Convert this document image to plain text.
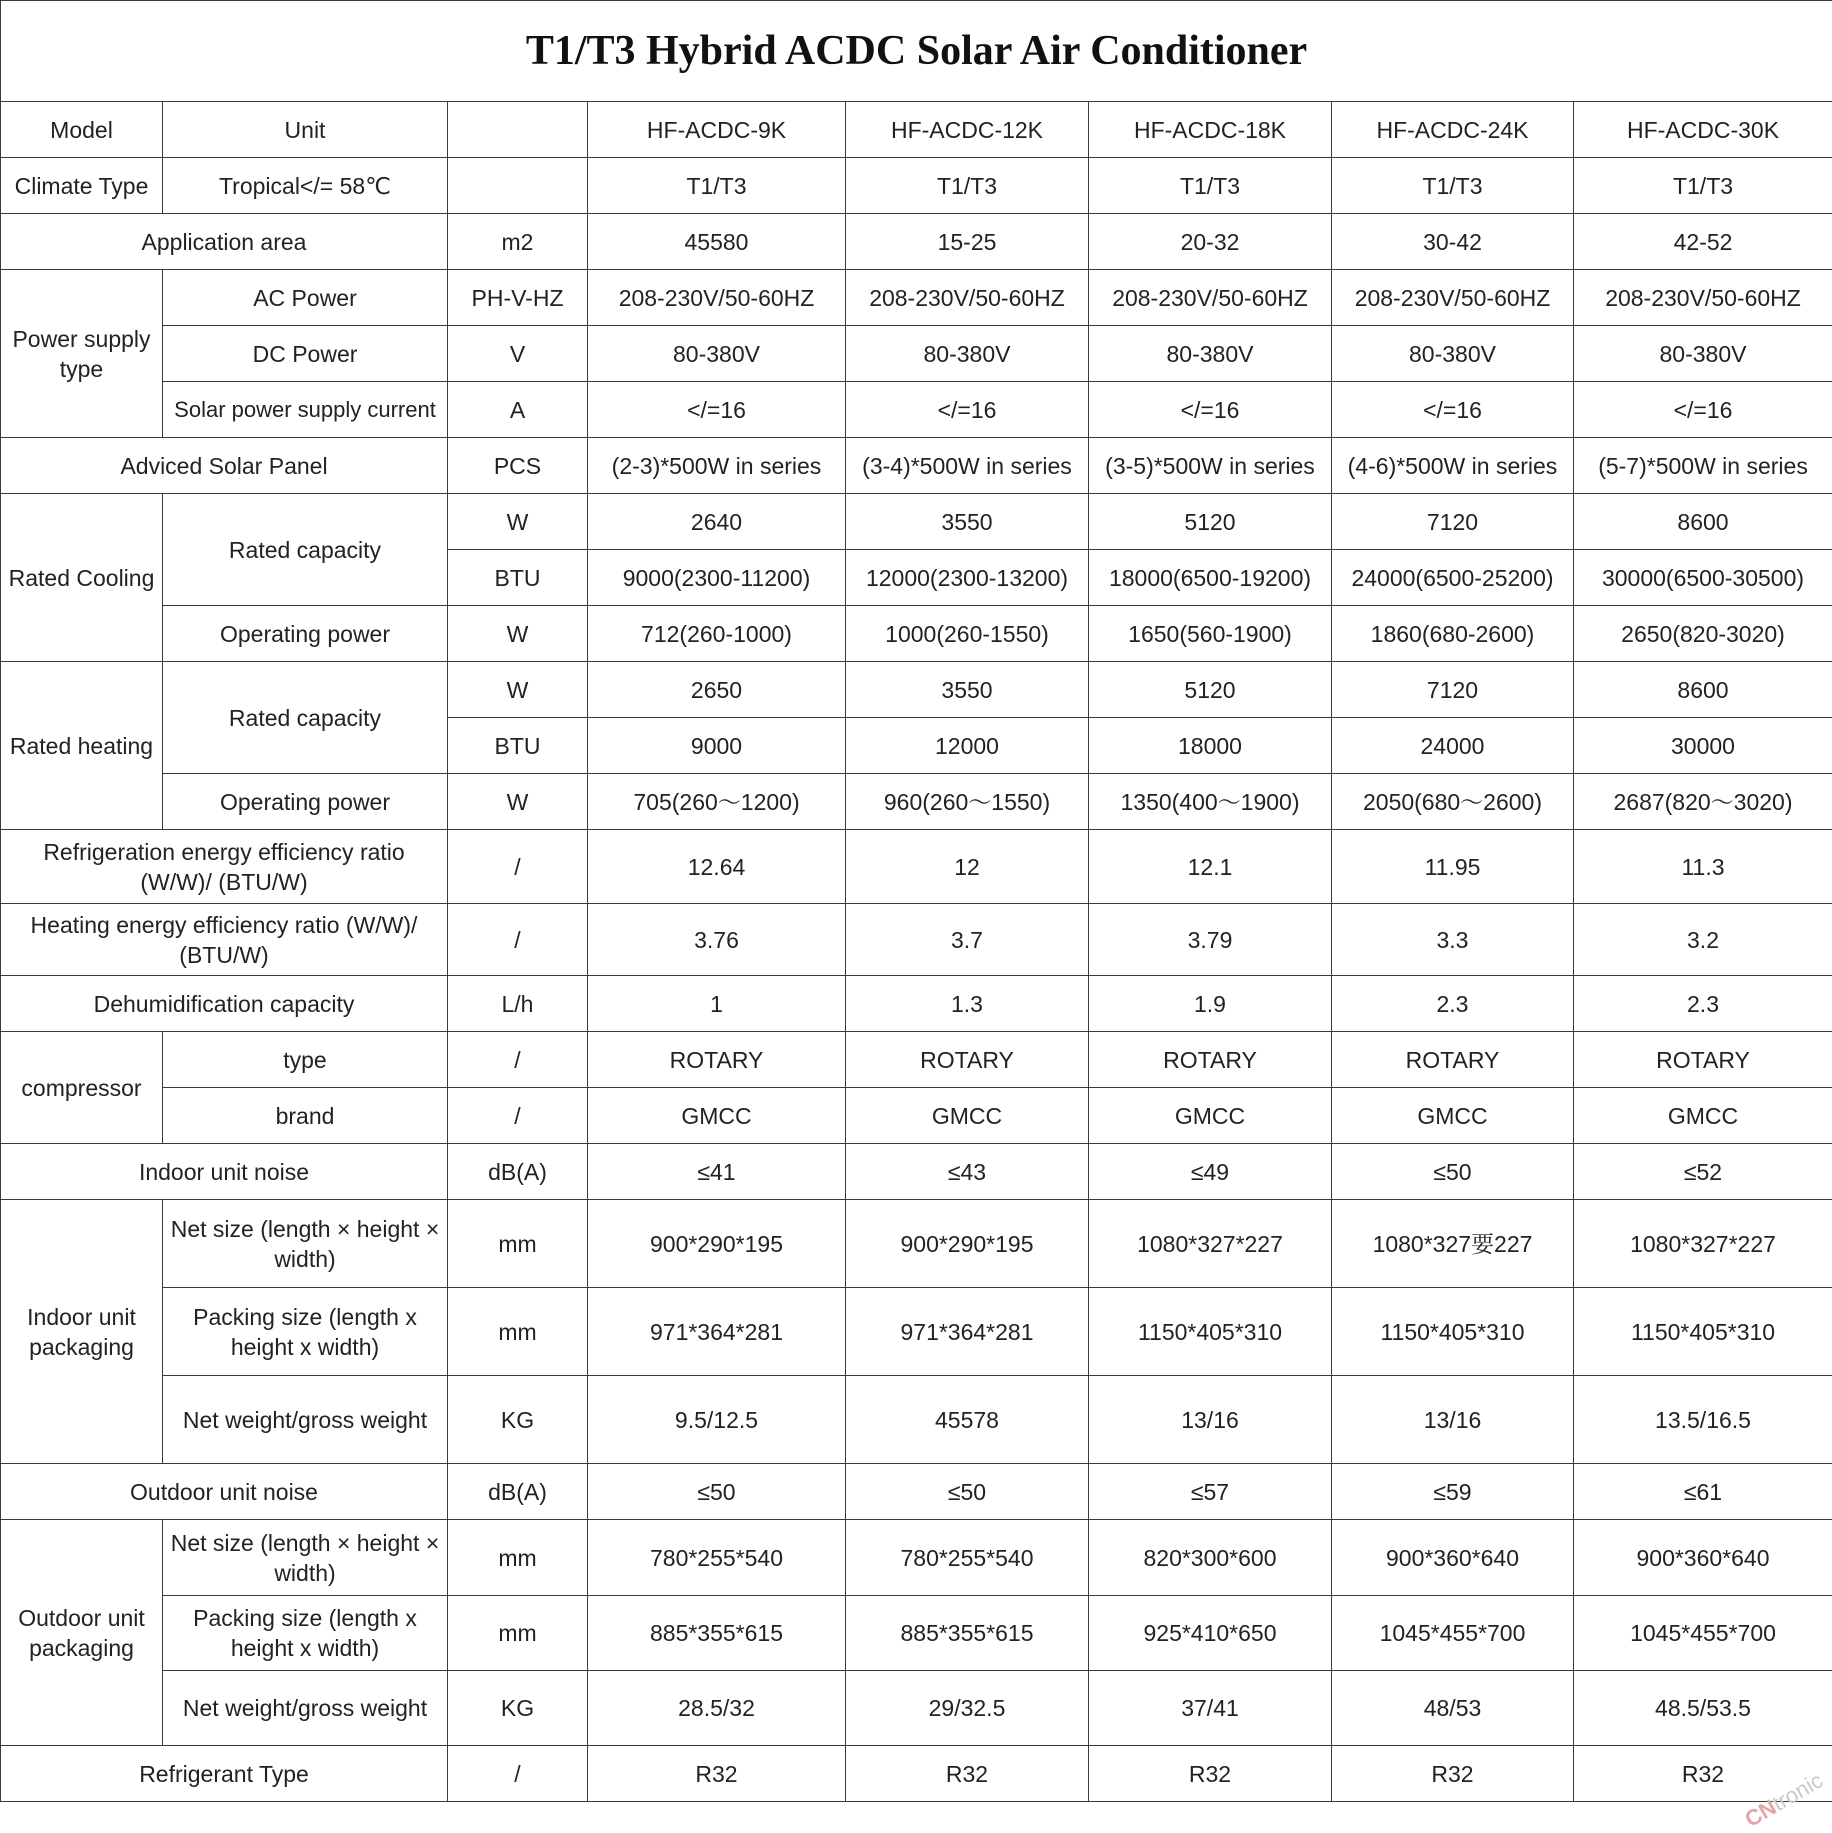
T1/T3 Hybrid ACDC Solar Air Conditioner							
Model	Unit		HF-ACDC-9K	HF-ACDC-12K	HF-ACDC-18K	HF-ACDC-24K	HF-ACDC-30K
Climate Type	Tropical</= 58℃		T1/T3	T1/T3	T1/T3	T1/T3	T1/T3
Application area		m2	45580	15-25	20-32	30-42	42-52
Power supply type	AC Power	PH-V-HZ	208-230V/50-60HZ	208-230V/50-60HZ	208-230V/50-60HZ	208-230V/50-60HZ	208-230V/50-60HZ
	DC Power	V	80-380V	80-380V	80-380V	80-380V	80-380V
	Solar power supply current	A	</=16	</=16	</=16	</=16	</=16
Adviced Solar Panel		PCS	(2-3)*500W in series	(3-4)*500W in series	(3-5)*500W in series	(4-6)*500W in series	(5-7)*500W in series
Rated Cooling	Rated capacity	W	2640	3550	5120	7120	8600
		BTU	9000(2300-11200)	12000(2300-13200)	18000(6500-19200)	24000(6500-25200)	30000(6500-30500)
	Operating power	W	712(260-1000)	1000(260-1550)	1650(560-1900)	1860(680-2600)	2650(820-3020)
Rated heating	Rated capacity	W	2650	3550	5120	7120	8600
		BTU	9000	12000	18000	24000	30000
	Operating power	W	705(260～1200)	960(260～1550)	1350(400～1900)	2050(680～2600)	2687(820～3020)
Refrigeration energy efficiency ratio (W/W)/ (BTU/W)		/	12.64	12	12.1	11.95	11.3
Heating energy efficiency ratio (W/W)/ (BTU/W)		/	3.76	3.7	3.79	3.3	3.2
Dehumidification capacity		L/h	1	1.3	1.9	2.3	2.3
compressor	type	/	ROTARY	ROTARY	ROTARY	ROTARY	ROTARY
	brand	/	GMCC	GMCC	GMCC	GMCC	GMCC
Indoor unit noise		dB(A)	≤41	≤43	≤49	≤50	≤52
Indoor unit packaging	Net size (length × height × width)	mm	900*290*195	900*290*195	1080*327*227	1080*327要227	1080*327*227
	Packing size (length x height x width)	mm	971*364*281	971*364*281	1150*405*310	1150*405*310	1150*405*310
	Net weight/gross weight	KG	9.5/12.5	45578	13/16	13/16	13.5/16.5
Outdoor unit noise		dB(A)	≤50	≤50	≤57	≤59	≤61
Outdoor unit packaging	Net size (length × height × width)	mm	780*255*540	780*255*540	820*300*600	900*360*640	900*360*640
	Packing size (length x height x width)	mm	885*355*615	885*355*615	925*410*650	1045*455*700	1045*455*700
	Net weight/gross weight	KG	28.5/32	29/32.5	37/41	48/53	48.5/53.5
Refrigerant Type		/	R32	R32	R32	R32	R32
CNtronic
